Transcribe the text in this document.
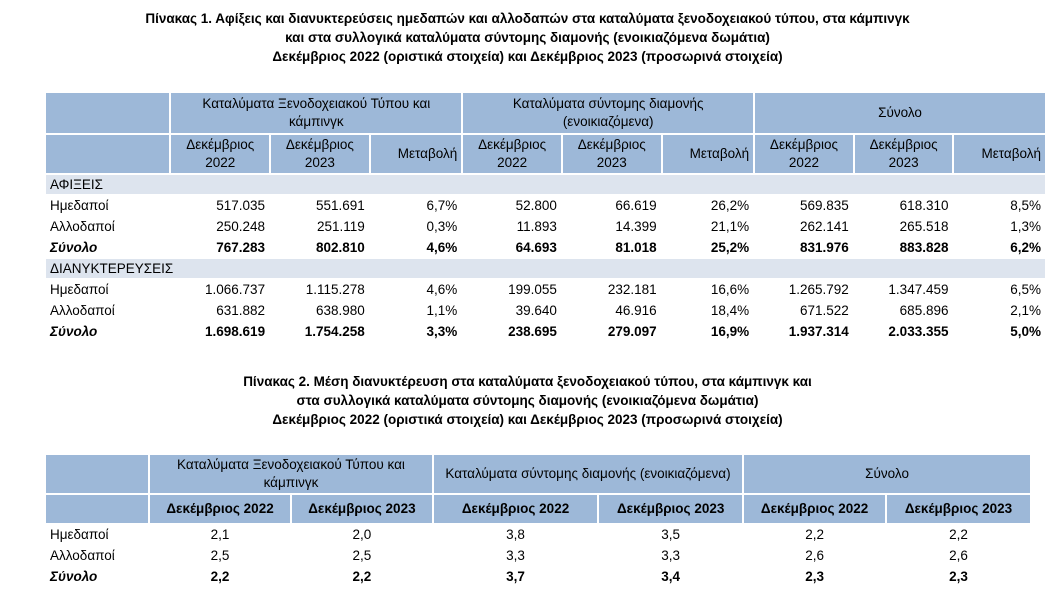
Πίνακας 1. Αφίξεις και διανυκτερεύσεις ημεδαπών και αλλοδαπών στα καταλύματα ξενοδοχειακού τύπου, στα κάμπινγκ
και στα συλλογικά καταλύματα σύντομης διαμονής (ενοικιαζόμενα δωμάτια)
Δεκέμβριος 2022 (οριστικά στοιχεία) και Δεκέμβριος 2023 (προσωρινά στοιχεία)
	Καταλύματα Ξενοδοχειακού Τύπου και κάμπινγκ			Καταλύματα σύντομης διαμονής (ενοικιαζόμενα)			Σύνολο		
	Δεκέμβριος 2022	Δεκέμβριος 2023	Μεταβολή	Δεκέμβριος 2022	Δεκέμβριος 2023	Μεταβολή	Δεκέμβριος 2022	Δεκέμβριος 2023	Μεταβολή
ΑΦΙΞΕΙΣ									
Ημεδαποί	517.035	551.691	6,7%	52.800	66.619	26,2%	569.835	618.310	8,5%
Αλλοδαποί	250.248	251.119	0,3%	11.893	14.399	21,1%	262.141	265.518	1,3%
Σύνολο	767.283	802.810	4,6%	64.693	81.018	25,2%	831.976	883.828	6,2%
ΔΙΑΝΥΚΤΕΡΕΥΣΕΙΣ									
Ημεδαποί	1.066.737	1.115.278	4,6%	199.055	232.181	16,6%	1.265.792	1.347.459	6,5%
Αλλοδαποί	631.882	638.980	1,1%	39.640	46.916	18,4%	671.522	685.896	2,1%
Σύνολο	1.698.619	1.754.258	3,3%	238.695	279.097	16,9%	1.937.314	2.033.355	5,0%
Πίνακας 2. Μέση διανυκτέρευση στα καταλύματα ξενοδοχειακού τύπου, στα κάμπινγκ και
στα συλλογικά καταλύματα σύντομης διαμονής (ενοικιαζόμενα δωμάτια)
Δεκέμβριος 2022 (οριστικά στοιχεία) και Δεκέμβριος 2023 (προσωρινά στοιχεία)
	Καταλύματα Ξενοδοχειακού Τύπου και κάμπινγκ		Καταλύματα σύντομης διαμονής (ενοικιαζόμενα)		Σύνολο	
	Δεκέμβριος 2022	Δεκέμβριος 2023	Δεκέμβριος 2022	Δεκέμβριος 2023	Δεκέμβριος 2022	Δεκέμβριος 2023
Ημεδαποί	2,1	2,0	3,8	3,5	2,2	2,2
Αλλοδαποί	2,5	2,5	3,3	3,3	2,6	2,6
Σύνολο	2,2	2,2	3,7	3,4	2,3	2,3
